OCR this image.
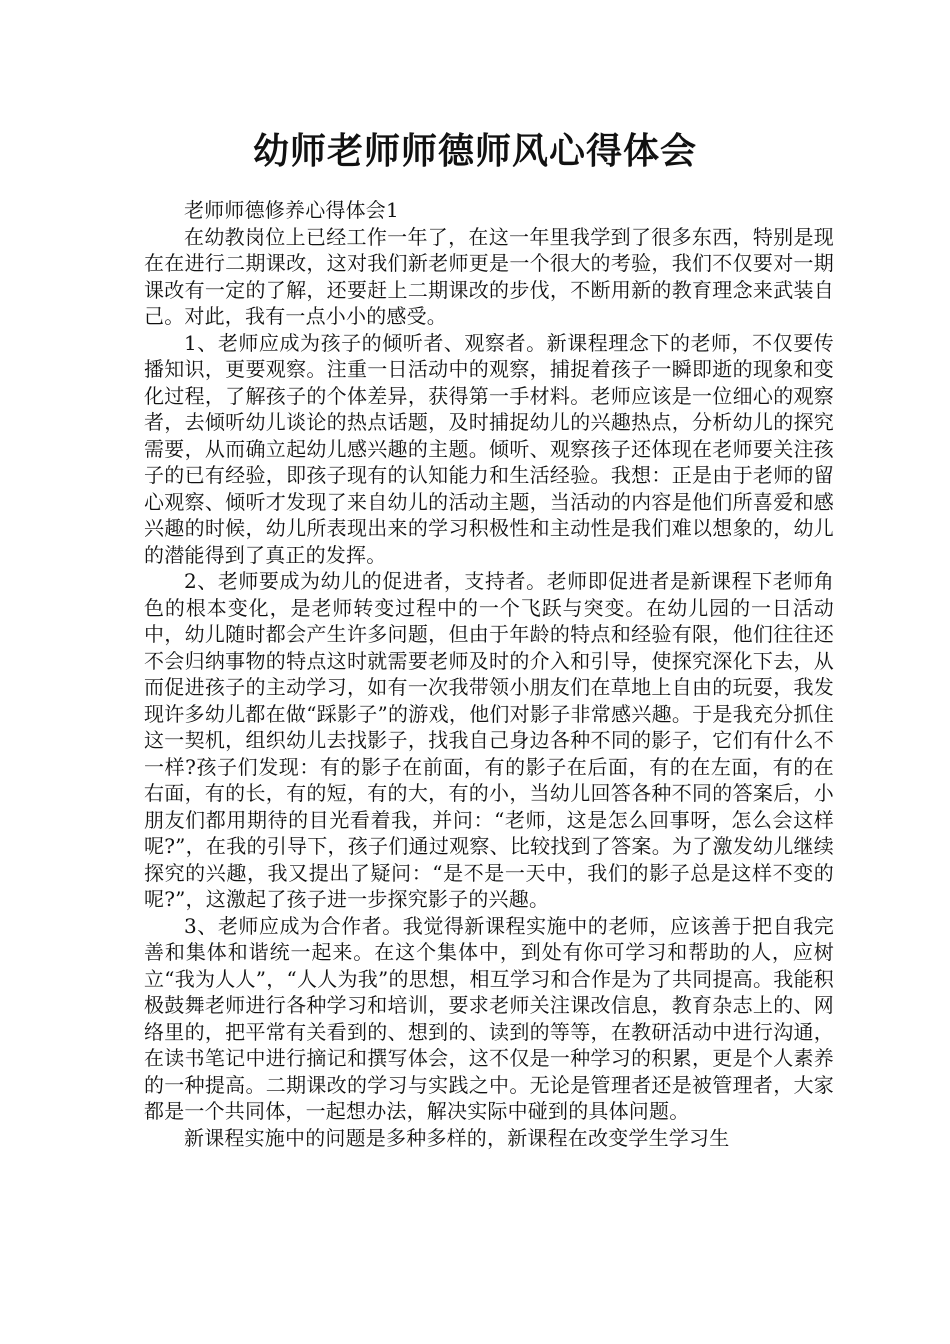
幼师老师师德师风心得体会

老师师德修养心得体会1

在幼教岗位上已经工作一年了，在这一年里我学到了很多东西，特别是现在在进行二期课改，这对我们新老师更是一个很大的考验，我们不仅要对一期课改有一定的了解，还要赶上二期课改的步伐，不断用新的教育理念来武装自己。对此，我有一点小小的感受。

1、老师应成为孩子的倾听者、观察者。新课程理念下的老师，不仅要传播知识，更要观察。注重一日活动中的观察，捕捉着孩子一瞬即逝的现象和变化过程，了解孩子的个体差异，获得第一手材料。老师应该是一位细心的观察者，去倾听幼儿谈论的热点话题，及时捕捉幼儿的兴趣热点，分析幼儿的探究需要，从而确立起幼儿感兴趣的主题。倾听、观察孩子还体现在老师要关注孩子的已有经验，即孩子现有的认知能力和生活经验。我想：正是由于老师的留心观察、倾听才发现了来自幼儿的活动主题，当活动的内容是他们所喜爱和感兴趣的时候，幼儿所表现出来的学习积极性和主动性是我们难以想象的，幼儿的潜能得到了真正的发挥。

2、老师要成为幼儿的促进者，支持者。老师即促进者是新课程下老师角色的根本变化，是老师转变过程中的一个飞跃与突变。在幼儿园的一日活动中，幼儿随时都会产生许多问题，但由于年龄的特点和经验有限，他们往往还不会归纳事物的特点这时就需要老师及时的介入和引导，使探究深化下去，从而促进孩子的主动学习，如有一次我带领小朋友们在草地上自由的玩耍，我发现许多幼儿都在做“踩影子”的游戏，他们对影子非常感兴趣。于是我充分抓住这一契机，组织幼儿去找影子，找我自己身边各种不同的影子，它们有什么不一样?孩子们发现：有的影子在前面，有的影子在后面，有的在左面，有的在右面，有的长，有的短，有的大，有的小，当幼儿回答各种不同的答案后，小朋友们都用期待的目光看着我，并问：“老师，这是怎么回事呀，怎么会这样呢?”，在我的引导下，孩子们通过观察、比较找到了答案。为了激发幼儿继续探究的兴趣，我又提出了疑问：“是不是一天中，我们的影子总是这样不变的呢?”，这激起了孩子进一步探究影子的兴趣。

3、老师应成为合作者。我觉得新课程实施中的老师，应该善于把自我完善和集体和谐统一起来。在这个集体中，到处有你可学习和帮助的人，应树立“我为人人”，“人人为我”的思想，相互学习和合作是为了共同提高。我能积极鼓舞老师进行各种学习和培训，要求老师关注课改信息，教育杂志上的、网络里的，把平常有关看到的、想到的、读到的等等，在教研活动中进行沟通，在读书笔记中进行摘记和撰写体会，这不仅是一种学习的积累，更是个人素养的一种提高。二期课改的学习与实践之中。无论是管理者还是被管理者，大家都是一个共同体，一起想办法，解决实际中碰到的具体问题。

新课程实施中的问题是多种多样的，新课程在改变学生学习生
